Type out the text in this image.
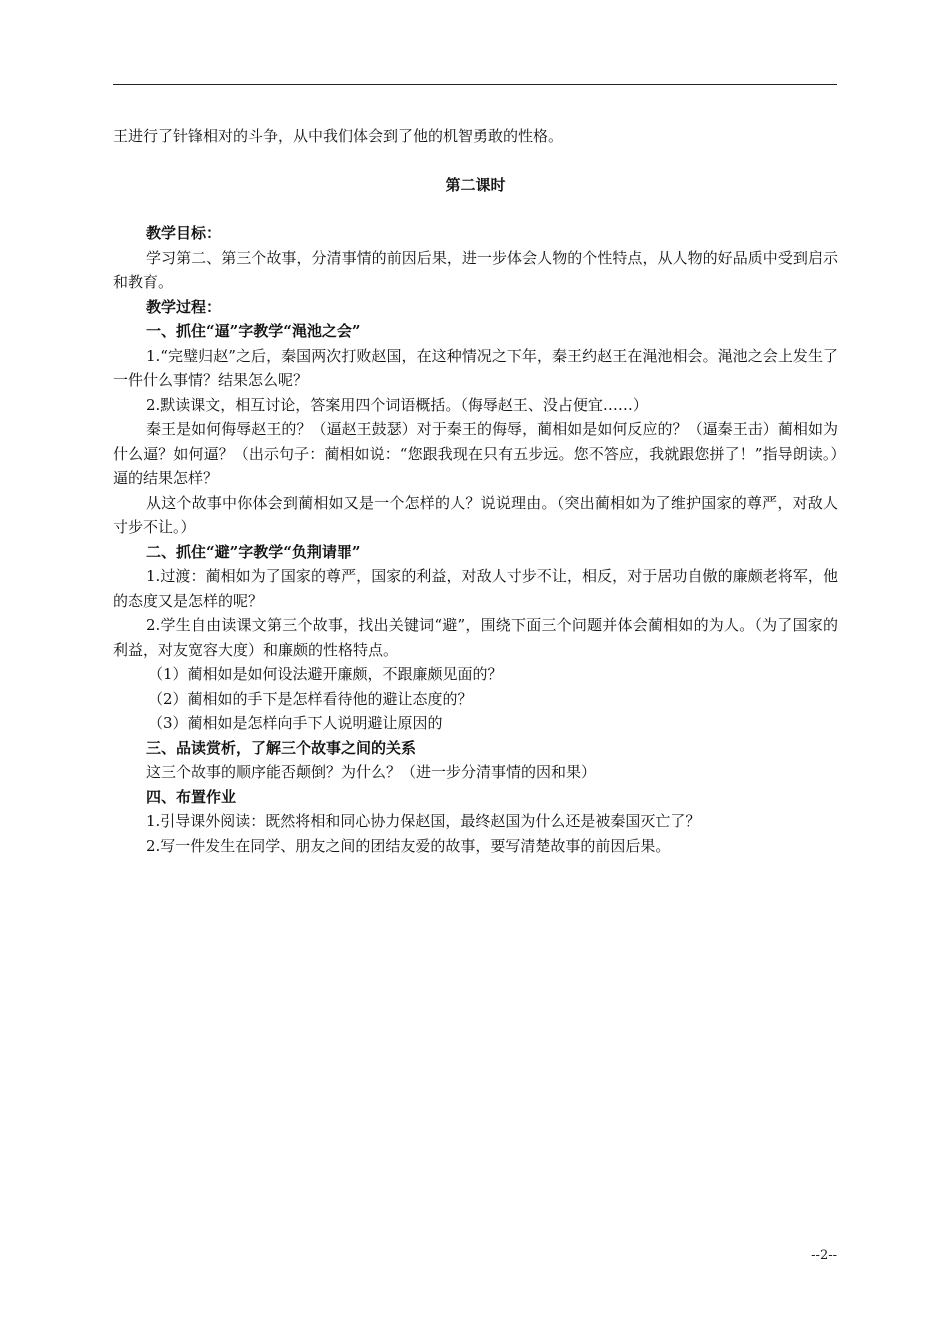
王进行了针锋相对的斗争，从中我们体会到了他的机智勇敢的性格。

第二课时

教学目标：

学习第二、第三个故事，分清事情的前因后果，进一步体会人物的个性特点，从人物的好品质中受到启示和教育。

教学过程：

一、抓住“逼”字教学“渑池之会”

1.“完璧归赵”之后，秦国两次打败赵国，在这种情况之下年，秦王约赵王在渑池相会。渑池之会上发生了一件什么事情？结果怎么呢？

2.默读课文，相互讨论，答案用四个词语概括。（侮辱赵王、没占便宜……）

秦王是如何侮辱赵王的？（逼赵王鼓瑟）对于秦王的侮辱，蔺相如是如何反应的？（逼秦王击）蔺相如为什么逼？如何逼？（出示句子：蔺相如说：“您跟我现在只有五步远。您不答应，我就跟您拼了！”指导朗读。）逼的结果怎样？

从这个故事中你体会到蔺相如又是一个怎样的人？说说理由。（突出蔺相如为了维护国家的尊严，对敌人寸步不让。）

二、抓住“避”字教学“负荆请罪”

1.过渡：蔺相如为了国家的尊严，国家的利益，对敌人寸步不让，相反，对于居功自傲的廉颇老将军，他的态度又是怎样的呢？

2.学生自由读课文第三个故事，找出关键词“避”，围绕下面三个问题并体会蔺相如的为人。（为了国家的利益，对友宽容大度）和廉颇的性格特点。

（1）蔺相如是如何设法避开廉颇，不跟廉颇见面的？

（2）蔺相如的手下是怎样看待他的避让态度的？

（3）蔺相如是怎样向手下人说明避让原因的

三、品读赏析，了解三个故事之间的关系

这三个故事的顺序能否颠倒？为什么？（进一步分清事情的因和果）

四、布置作业

1.引导课外阅读：既然将相和同心协力保赵国，最终赵国为什么还是被秦国灭亡了？

2.写一件发生在同学、朋友之间的团结友爱的故事，要写清楚故事的前因后果。

--2--
